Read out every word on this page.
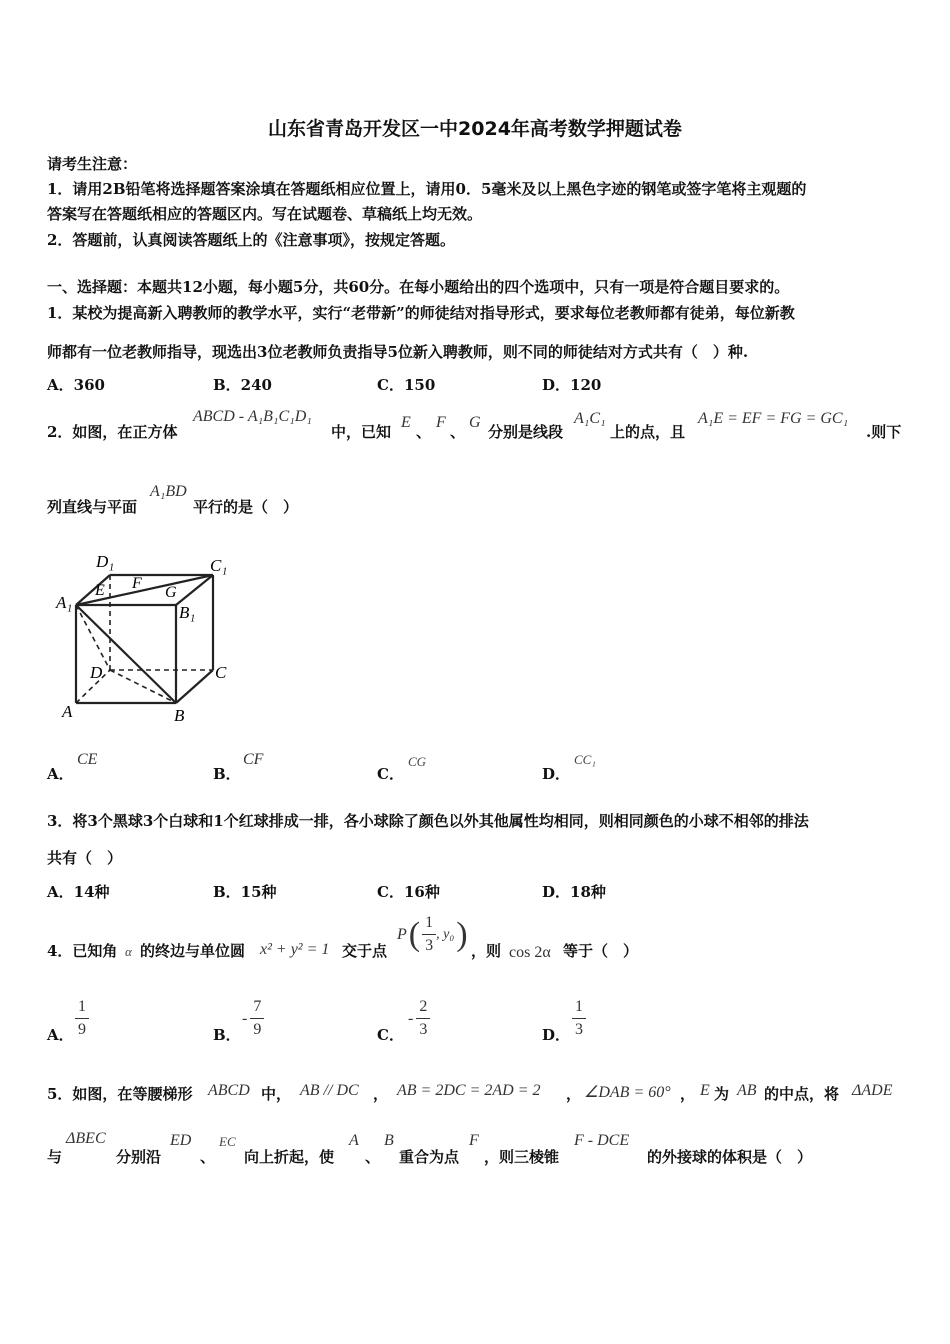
山东省青岛开发区一中2024年高考数学押题试卷
请考生注意：
1．请用2B铅笔将选择题答案涂填在答题纸相应位置上，请用0．5毫米及以上黑色字迹的钢笔或签字笔将主观题的
答案写在答题纸相应的答题区内。写在试题卷、草稿纸上均无效。
2．答题前，认真阅读答题纸上的《注意事项》，按规定答题。
一、选择题：本题共12小题，每小题5分，共60分。在每小题给出的四个选项中，只有一项是符合题目要求的。
1．某校为提高新入聘教师的教学水平，实行“老带新”的师徒结对指导形式，要求每位老教师都有徒弟，每位新教
师都有一位老教师指导，现选出3位老教师负责指导5位新入聘教师，则不同的师徒结对方式共有（　）种.
A．360	B．240	C．150	D．120
2．如图，在正方体
ABCD - A₁B₁C₁D₁
中，已知
E
、
F
、
G
分别是线段
A₁C₁
上的点，且
A₁E = EF = FG = GC₁
.则下
列直线与平面
A₁BD
平行的是（　）
D₁	C₁
A₁
E F
G
B₁
D	C
A	B
A．
CE
B．
CF
C．
CG
D．
CC₁
3．将3个黑球3个白球和1个红球排成一排，各小球除了颜色以外其他属性均相同，则相同颜色的小球不相邻的排法
共有（　）
A．14种	B．15种	C．16种	D．18种
4．已知角 α 的终边与单位圆 x² + y² = 1 交于点
P ( $\frac{1}{3}$ , y₀ ) ，则 cos 2α 等于（　）
A． $\frac{1}{9}$	B．
- $\frac{7}{9}$	C．
- $\frac{2}{3}$	D． $\frac{1}{3}$
5．如图，在等腰梯形 ABCD 中， AB // DC ， AB = 2DC = 2AD = 2 ， ∠DAB = 60° ， E 为 AB 的中点，将 ΔADE
与
ΔBEC
分别沿
ED
、
EC
向上折起，使
A
、
B
重合为点
F
，则三棱锥
F - DCE
的外接球的体积是（　）
